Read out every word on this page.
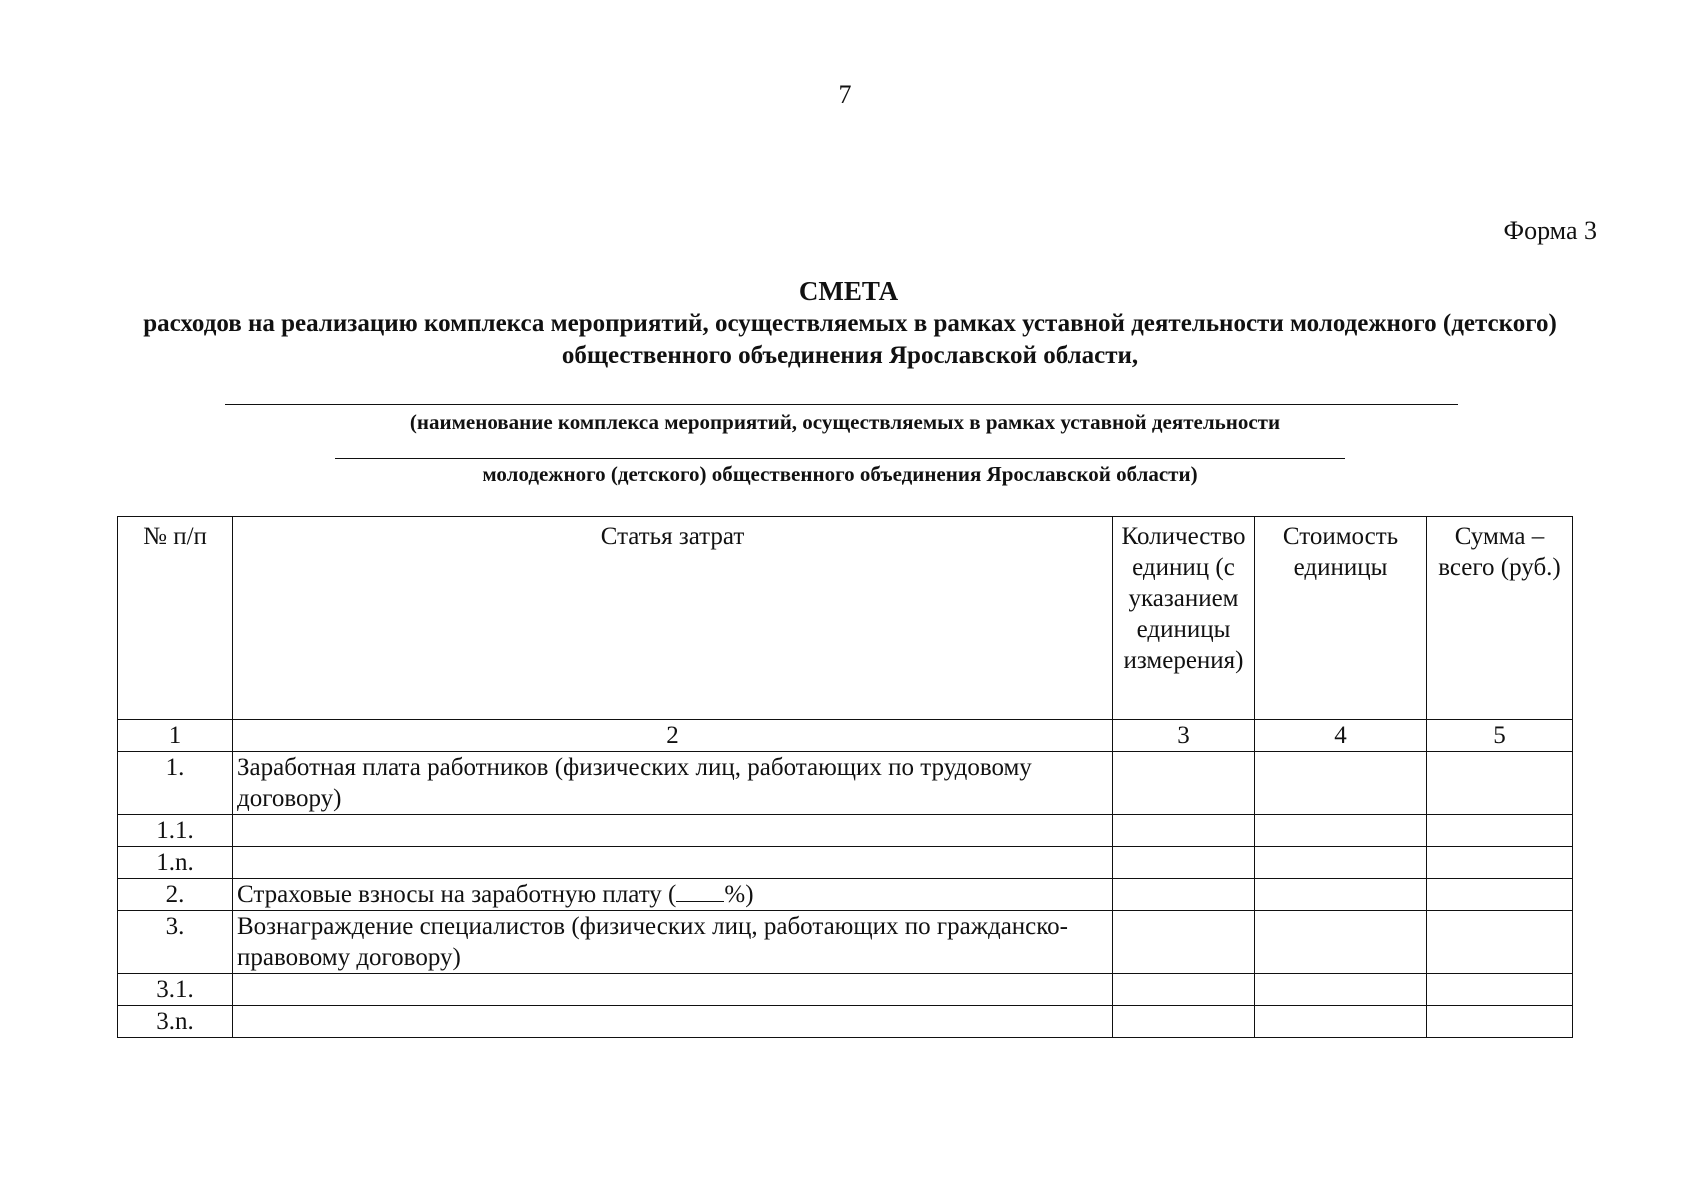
7
Форма 3
СМЕТА
расходов на реализацию комплекса мероприятий, осуществляемых в рамках уставной деятельности молодежного (детского) общественного объединения Ярославской области,
(наименование комплекса мероприятий, осуществляемых в рамках уставной деятельности
молодежного (детского) общественного объединения Ярославской области)
№ п/п	Статья затрат	Количество единиц (с указанием единицы измерения)	Стоимость единицы	Сумма – всего (руб.)
1	2	3	4	5
1.	Заработная плата работников (физических лиц, работающих по трудовому договору)			
1.1.				
1.n.				
2.	Страховые взносы на заработную плату ( %)			
3.	Вознаграждение специалистов (физических лиц, работающих по гражданско-правовому договору)			
3.1.				
3.n.				
